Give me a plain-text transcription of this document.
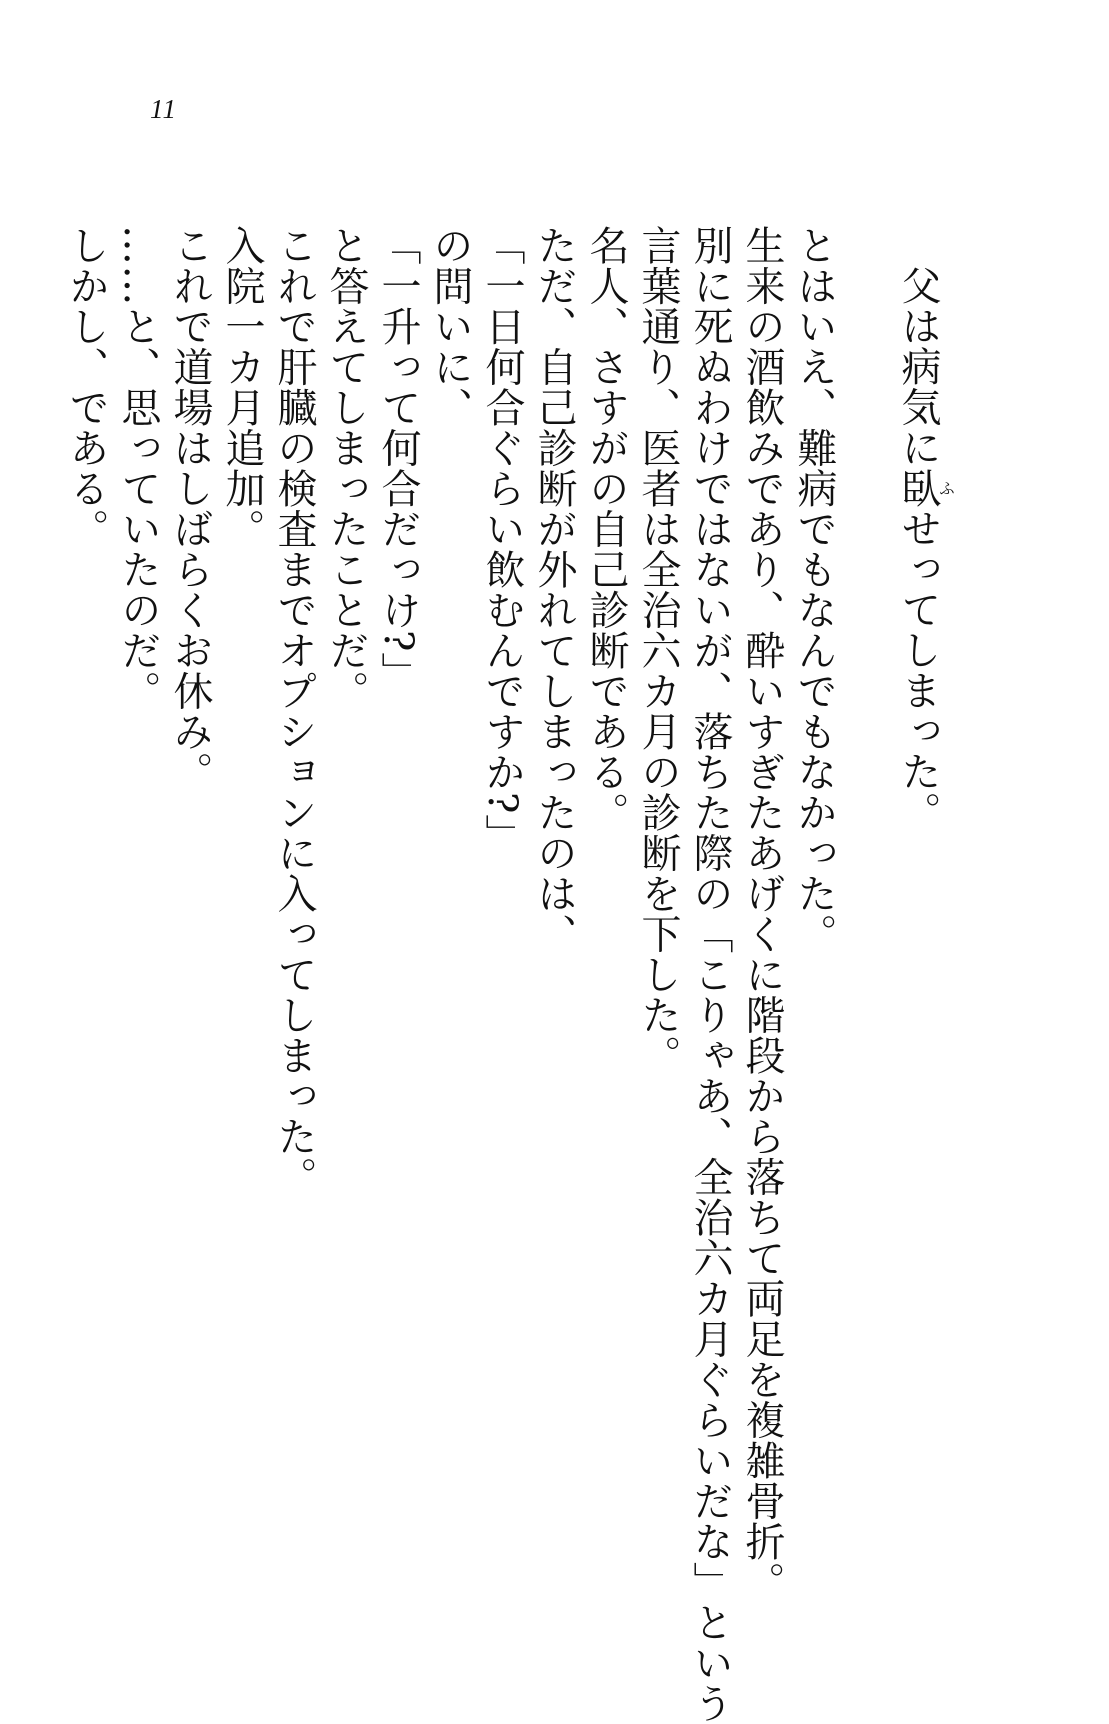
11
父は病気に臥ふせってしまった。
とはいえ、難病でもなんでもなかった。
生来の酒飲みであり、酔いすぎたあげくに階段から落ちて両足を複雑骨折。
別に死ぬわけではないが、落ちた際の「こりゃあ、全治六カ月ぐらいだな」という
言葉通り、医者は全治六カ月の診断を下した。
名人、さすがの自己診断である。
ただ、自己診断が外れてしまったのは、
「一日何合ぐらい飲むんですか?」
の問いに、
「一升って何合だっけ?」
と答えてしまったことだ。
これで肝臓の検査までオプションに入ってしまった。
入院一カ月追加。
これで道場はしばらくお休み。
……と、思っていたのだ。
しかし、である。
